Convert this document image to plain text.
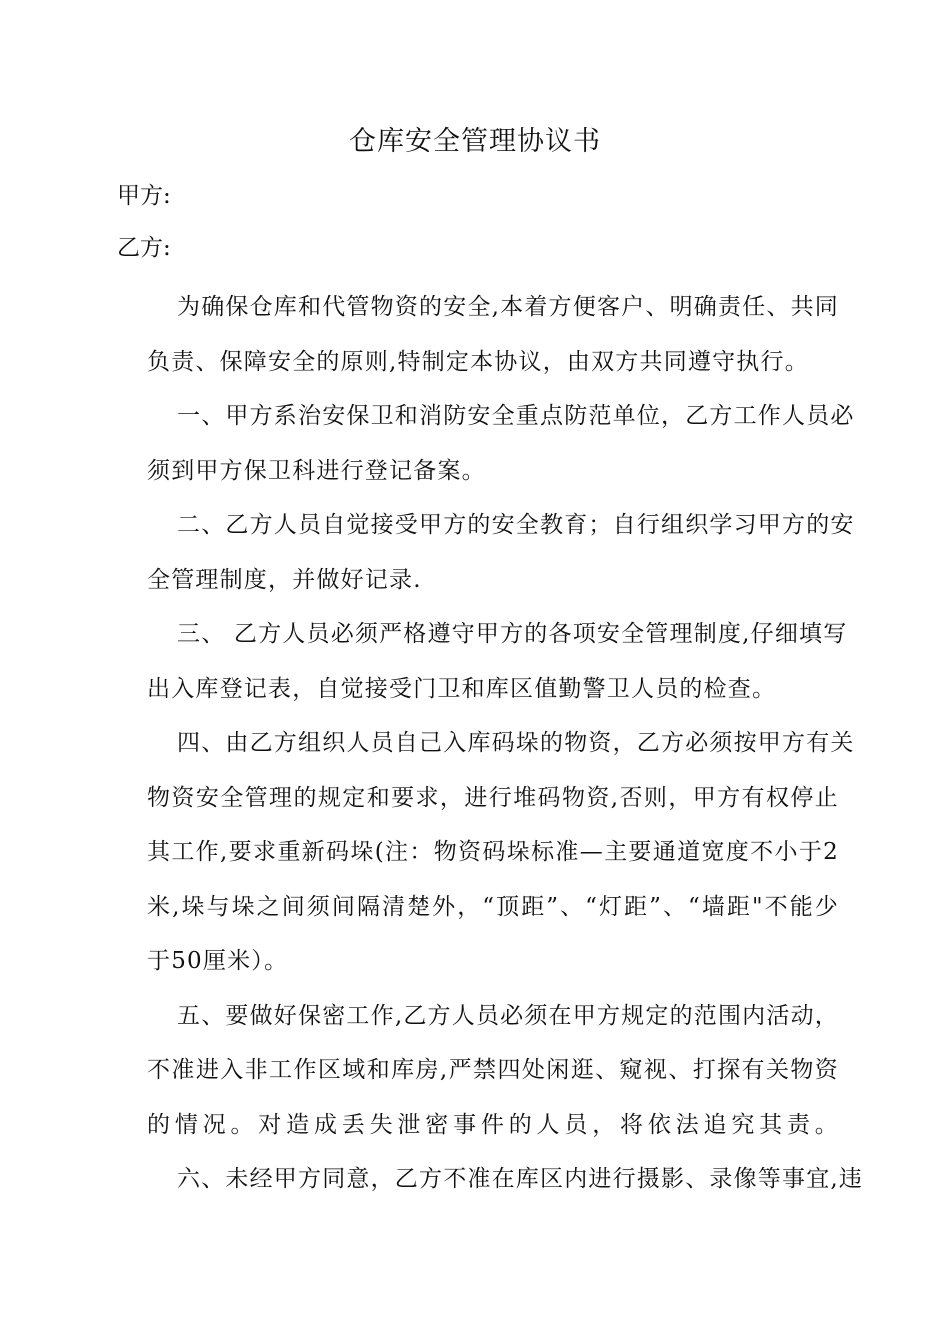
仓库安全管理协议书
甲方:
乙方:
为确保仓库和代管物资的安全,本着方便客户、明确责任、共同
负责、保障安全的原则,特制定本协议，由双方共同遵守执行。
一、甲方系治安保卫和消防安全重点防范单位，乙方工作人员必
须到甲方保卫科进行登记备案。
二、乙方人员自觉接受甲方的安全教育；自行组织学习甲方的安
全管理制度，并做好记录.
三、 乙方人员必须严格遵守甲方的各项安全管理制度,仔细填写
出入库登记表，自觉接受门卫和库区值勤警卫人员的检查。
四、由乙方组织人员自己入库码垛的物资，乙方必须按甲方有关
物资安全管理的规定和要求，进行堆码物资,否则，甲方有权停止
其工作,要求重新码垛(注：物资码垛标准—主要通道宽度不小于2
米,垛与垛之间须间隔清楚外，“顶距”、“灯距”、“墙距"不能少
于50厘米）。
五、要做好保密工作,乙方人员必须在甲方规定的范围内活动，
不准进入非工作区域和库房,严禁四处闲逛、窥视、打探有关物资
的情况。对造成丢失泄密事件的人员，将依法追究其责。
六、未经甲方同意，乙方不准在库区内进行摄影、录像等事宜,违
